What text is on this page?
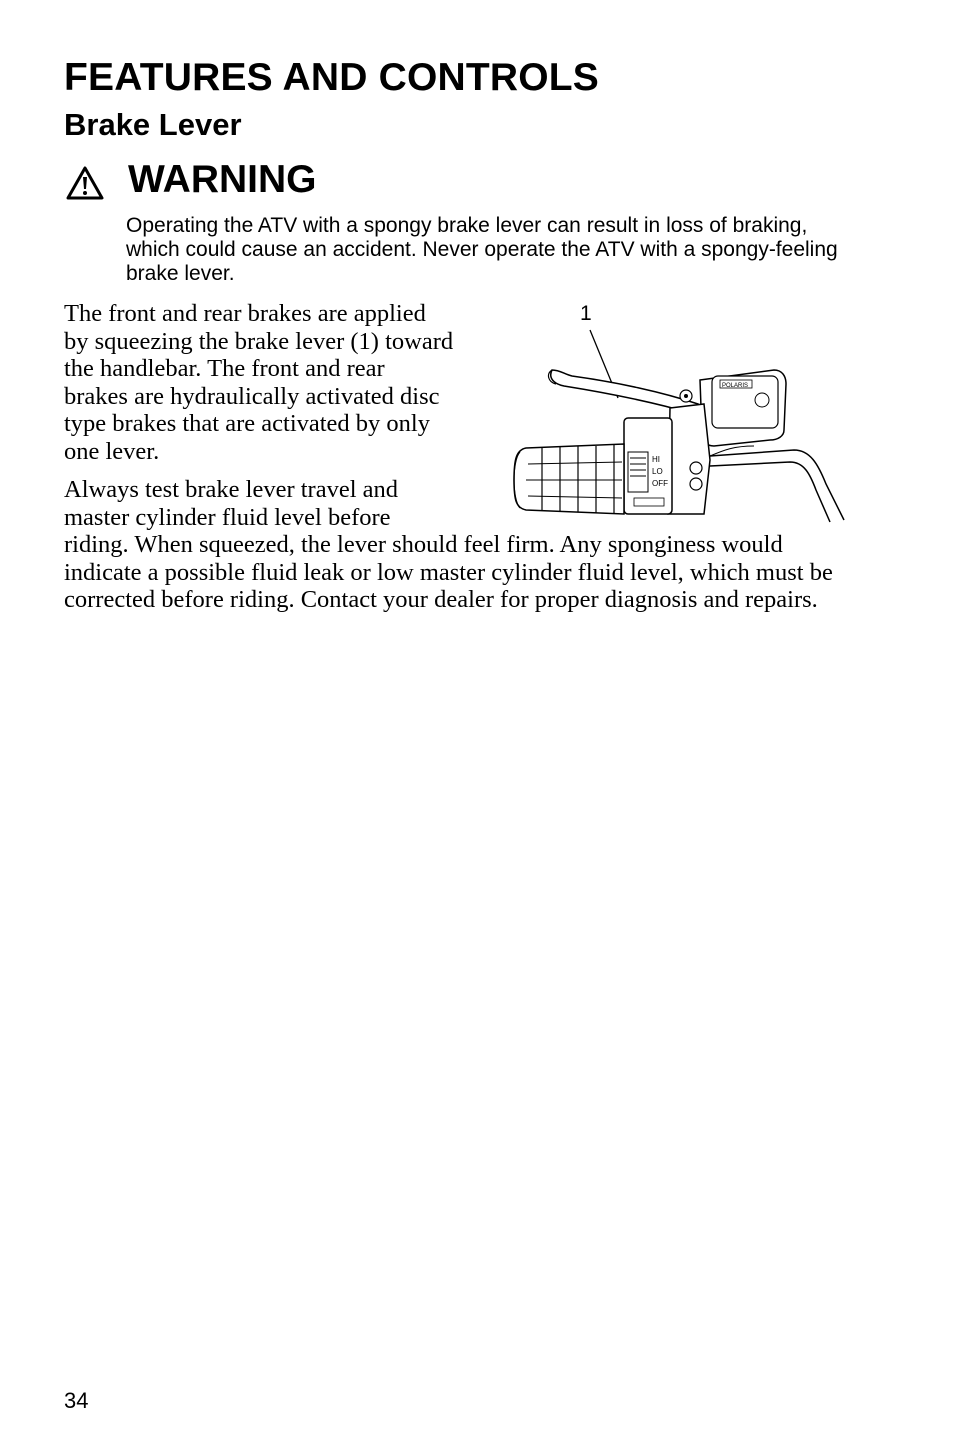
FEATURES AND CONTROLS
Brake Lever
WARNING

Operating the ATV with a spongy brake lever can result in loss of braking, which could cause an accident. Never operate the ATV with a spongy-feeling brake lever.

1
POLARIS
HI
LO
OFF

The front and rear brakes are applied by squeezing the brake lever (1) toward the handlebar. The front and rear brakes are hydraulically activated disc type brakes that are activated by only one lever.

Always test brake lever travel and master cylinder fluid level before riding. When squeezed, the lever should feel firm. Any sponginess would indicate a possible fluid leak or low master cylinder fluid level, which must be corrected before riding. Contact your dealer for proper diagnosis and repairs.

34
